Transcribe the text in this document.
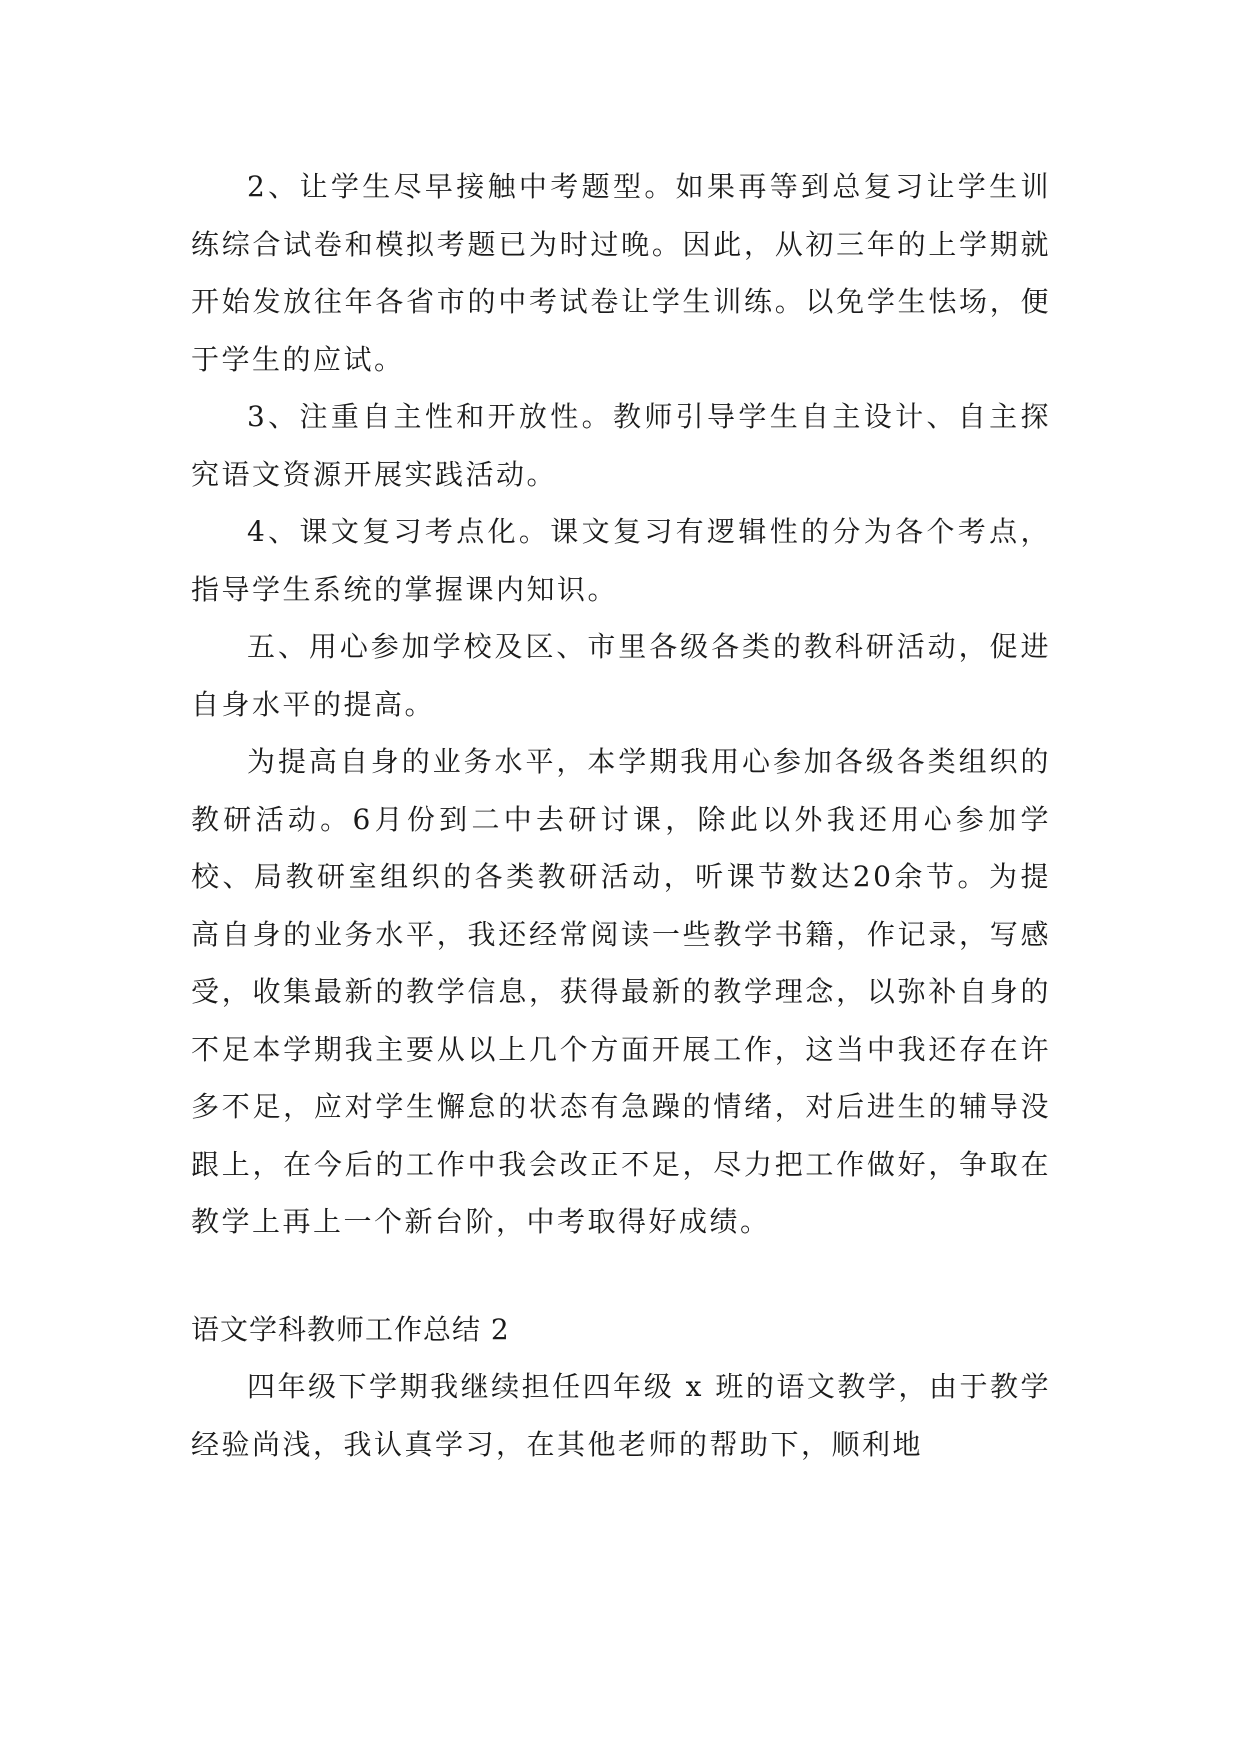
2、让学生尽早接触中考题型。如果再等到总复习让学生训练综合试卷和模拟考题已为时过晚。因此，从初三年的上学期就开始发放往年各省市的中考试卷让学生训练。以免学生怯场，便于学生的应试。

3、注重自主性和开放性。教师引导学生自主设计、自主探究语文资源开展实践活动。

4、课文复习考点化。课文复习有逻辑性的分为各个考点，指导学生系统的掌握课内知识。

五、用心参加学校及区、市里各级各类的教科研活动，促进自身水平的提高。

为提高自身的业务水平，本学期我用心参加各级各类组织的教研活动。6月份到二中去研讨课，除此以外我还用心参加学校、局教研室组织的各类教研活动，听课节数达20余节。为提高自身的业务水平，我还经常阅读一些教学书籍，作记录，写感受，收集最新的教学信息，获得最新的教学理念，以弥补自身的不足本学期我主要从以上几个方面开展工作，这当中我还存在许多不足，应对学生懈怠的状态有急躁的情绪，对后进生的辅导没跟上，在今后的工作中我会改正不足，尽力把工作做好，争取在教学上再上一个新台阶，中考取得好成绩。

语文学科教师工作总结 2

四年级下学期我继续担任四年级 x 班的语文教学，由于教学经验尚浅，我认真学习，在其他老师的帮助下，顺利地
